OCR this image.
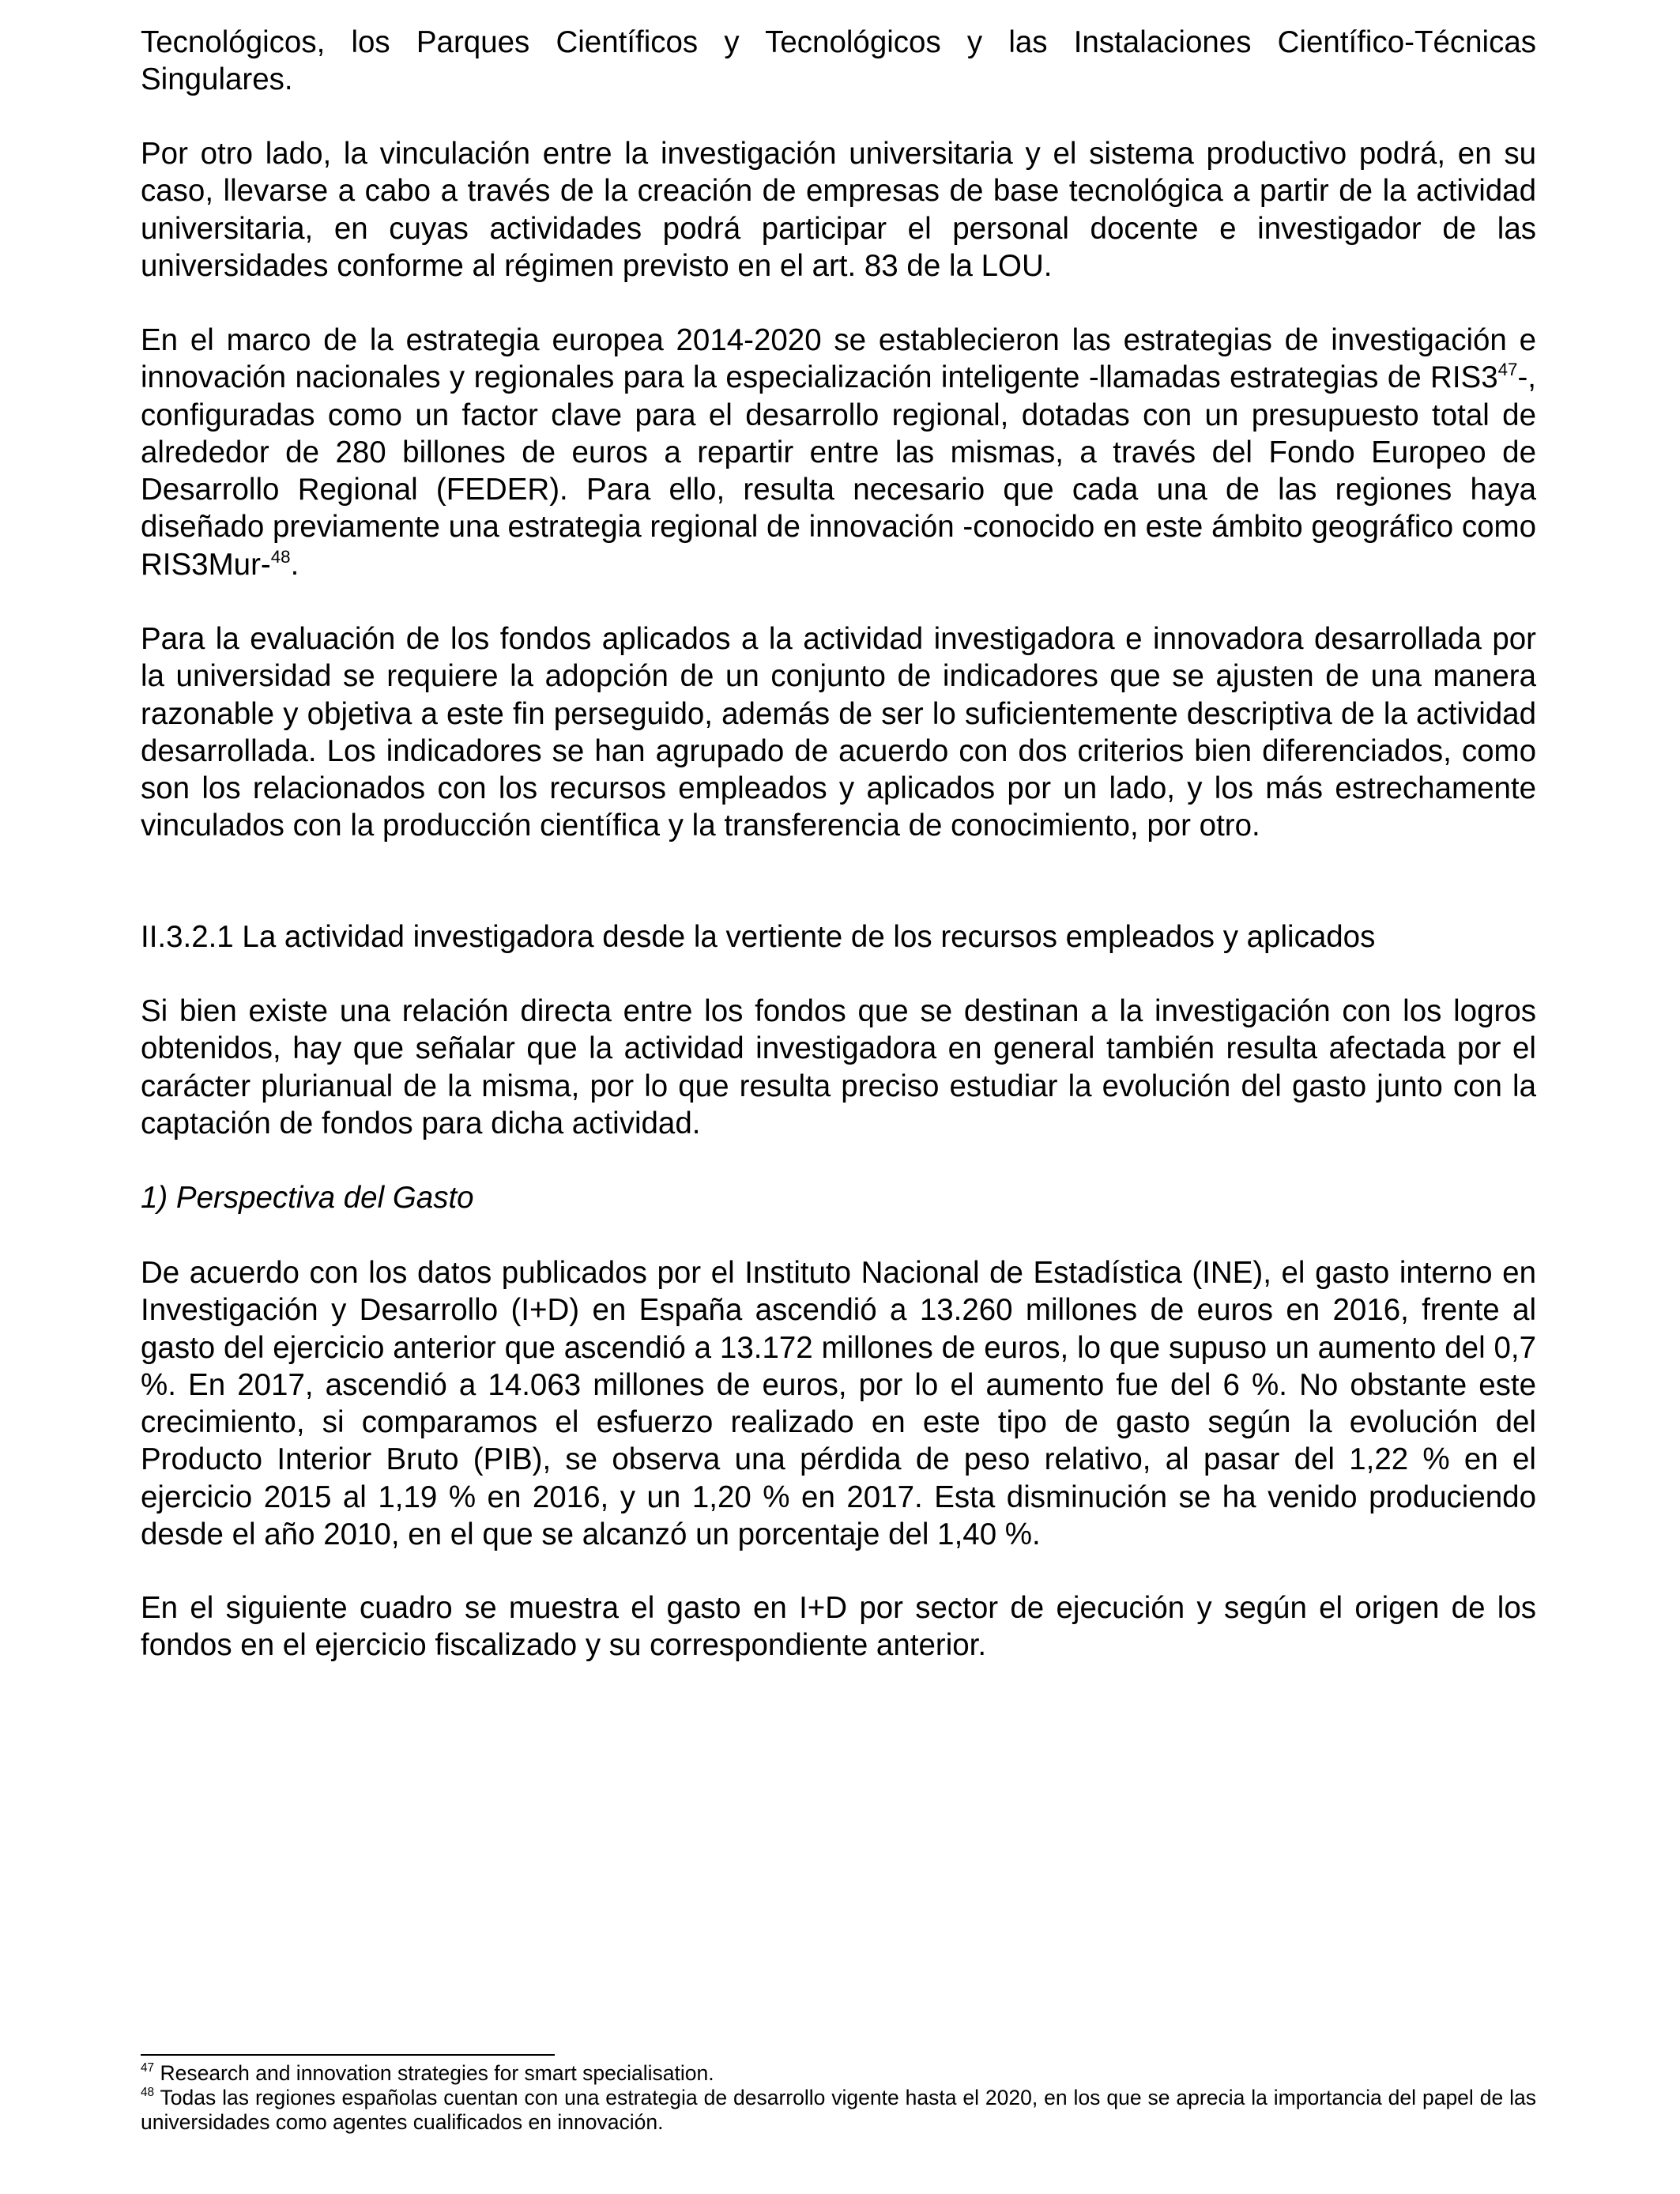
Tecnológicos, los Parques Científicos y Tecnológicos y las Instalaciones Científico-Técnicas Singulares.

Por otro lado, la vinculación entre la investigación universitaria y el sistema productivo podrá, en su caso, llevarse a cabo a través de la creación de empresas de base tecnológica a partir de la actividad universitaria, en cuyas actividades podrá participar el personal docente e investigador de las universidades conforme al régimen previsto en el art. 83 de la LOU.

En el marco de la estrategia europea 2014-2020 se establecieron las estrategias de investigación e innovación nacionales y regionales para la especialización inteligente -llamadas estrategias de $RIS3^{47}-$, configuradas como un factor clave para el desarrollo regional, dotadas con un presupuesto total de alrededor de 280 billones de euros a repartir entre las mismas, a través del Fondo Europeo de Desarrollo Regional (FEDER). Para ello, resulta necesario que cada una de las regiones haya diseñado previamente una estrategia regional de innovación -conocido en este ámbito geográfico como RIS3Mur-$^{48}$.

Para la evaluación de los fondos aplicados a la actividad investigadora e innovadora desarrollada por la universidad se requiere la adopción de un conjunto de indicadores que se ajusten de una manera razonable y objetiva a este fin perseguido, además de ser lo suficientemente descriptiva de la actividad desarrollada. Los indicadores se han agrupado de acuerdo con dos criterios bien diferenciados, como son los relacionados con los recursos empleados y aplicados por un lado, y los más estrechamente vinculados con la producción científica y la transferencia de conocimiento, por otro.

II.3.2.1 La actividad investigadora desde la vertiente de los recursos empleados y aplicados

Si bien existe una relación directa entre los fondos que se destinan a la investigación con los logros obtenidos, hay que señalar que la actividad investigadora en general también resulta afectada por el carácter plurianual de la misma, por lo que resulta preciso estudiar la evolución del gasto junto con la captación de fondos para dicha actividad.

1) Perspectiva del Gasto

De acuerdo con los datos publicados por el Instituto Nacional de Estadística (INE), el gasto interno en Investigación y Desarrollo (I+D) en España ascendió a 13.260 millones de euros en 2016, frente al gasto del ejercicio anterior que ascendió a 13.172 millones de euros, lo que supuso un aumento del 0,7 %. En 2017, ascendió a 14.063 millones de euros, por lo el aumento fue del 6 %. No obstante este crecimiento, si comparamos el esfuerzo realizado en este tipo de gasto según la evolución del Producto Interior Bruto (PIB), se observa una pérdida de peso relativo, al pasar del 1,22 % en el ejercicio 2015 al 1,19 % en 2016, y un 1,20 % en 2017. Esta disminución se ha venido produciendo desde el año 2010, en el que se alcanzó un porcentaje del 1,40 %.

En el siguiente cuadro se muestra el gasto en I+D por sector de ejecución y según el origen de los fondos en el ejercicio fiscalizado y su correspondiente anterior.

$^{47}$ Research and innovation strategies for smart specialisation.

$^{48}$ Todas las regiones españolas cuentan con una estrategia de desarrollo vigente hasta el 2020, en los que se aprecia la importancia del papel de las universidades como agentes cualificados en innovación.
